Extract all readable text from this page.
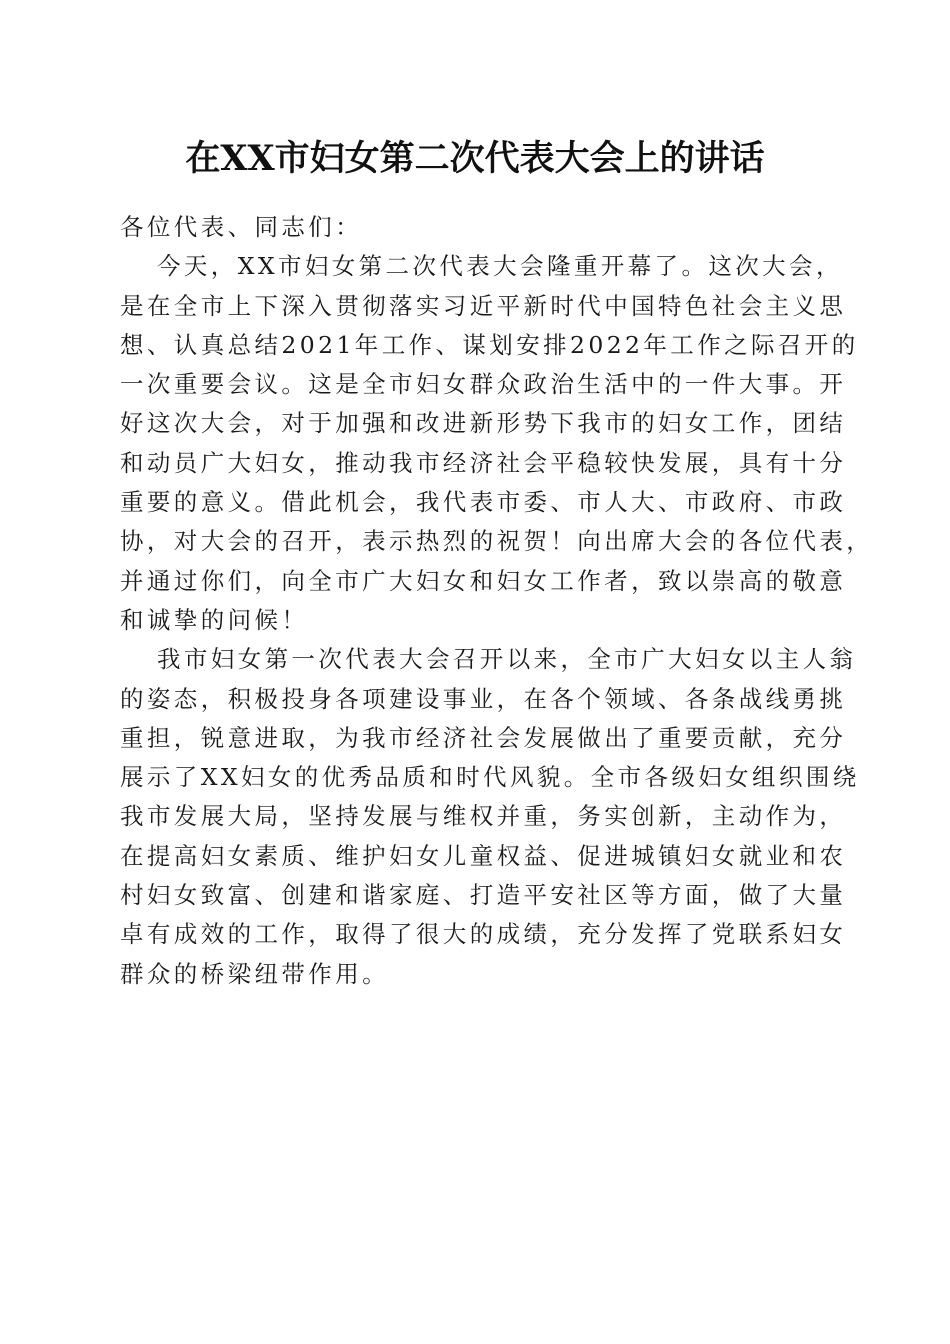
在XX市妇女第二次代表大会上的讲话

各位代表、同志们：

今天，XX市妇女第二次代表大会隆重开幕了。这次大会，
是在全市上下深入贯彻落实习近平新时代中国特色社会主义思
想、认真总结2021年工作、谋划安排2022年工作之际召开的
一次重要会议。这是全市妇女群众政治生活中的一件大事。开
好这次大会，对于加强和改进新形势下我市的妇女工作，团结
和动员广大妇女，推动我市经济社会平稳较快发展，具有十分
重要的意义。借此机会，我代表市委、市人大、市政府、市政
协，对大会的召开，表示热烈的祝贺！向出席大会的各位代表，
并通过你们，向全市广大妇女和妇女工作者，致以崇高的敬意
和诚挚的问候！

我市妇女第一次代表大会召开以来，全市广大妇女以主人翁
的姿态，积极投身各项建设事业，在各个领域、各条战线勇挑
重担，锐意进取，为我市经济社会发展做出了重要贡献，充分
展示了XX妇女的优秀品质和时代风貌。全市各级妇女组织围绕
我市发展大局，坚持发展与维权并重，务实创新，主动作为，
在提高妇女素质、维护妇女儿童权益、促进城镇妇女就业和农
村妇女致富、创建和谐家庭、打造平安社区等方面，做了大量
卓有成效的工作，取得了很大的成绩，充分发挥了党联系妇女
群众的桥梁纽带作用。
